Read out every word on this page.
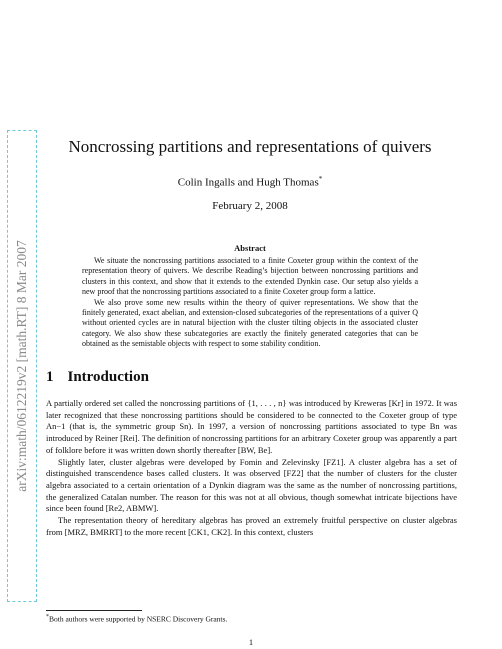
arXiv:math/0612219v2 [math.RT] 8 Mar 2007
Noncrossing partitions and representations of quivers
Colin Ingalls and Hugh Thomas*
February 2, 2008
Abstract

We situate the noncrossing partitions associated to a finite Coxeter group within the context of the representation theory of quivers. We describe Reading’s bijection between noncrossing partitions and clusters in this context, and show that it extends to the extended Dynkin case. Our setup also yields a new proof that the noncrossing partitions associated to a finite Coxeter group form a lattice.

We also prove some new results within the theory of quiver representations. We show that the finitely generated, exact abelian, and extension-closed subcategories of the representations of a quiver Q without oriented cycles are in natural bijection with the cluster tilting objects in the associated cluster category. We also show these subcategories are exactly the finitely generated categories that can be obtained as the semistable objects with respect to some stability condition.

1 Introduction

A partially ordered set called the noncrossing partitions of {1, . . . , n} was introduced by Kreweras [Kr] in 1972. It was later recognized that these noncrossing partitions should be considered to be connected to the Coxeter group of type An−1 (that is, the symmetric group Sn). In 1997, a version of noncrossing partitions associated to type Bn was introduced by Reiner [Rei]. The definition of noncrossing partitions for an arbitrary Coxeter group was apparently a part of folklore before it was written down shortly thereafter [BW, Be].

Slightly later, cluster algebras were developed by Fomin and Zelevinsky [FZ1]. A cluster algebra has a set of distinguished transcendence bases called clusters. It was observed [FZ2] that the number of clusters for the cluster algebra associated to a certain orientation of a Dynkin diagram was the same as the number of noncrossing partitions, the generalized Catalan number. The reason for this was not at all obvious, though somewhat intricate bijections have since been found [Re2, ABMW].

The representation theory of hereditary algebras has proved an extremely fruitful perspective on cluster algebras from [MRZ, BMRRT] to the more recent [CK1, CK2]. In this context, clusters

*Both authors were supported by NSERC Discovery Grants.
1
